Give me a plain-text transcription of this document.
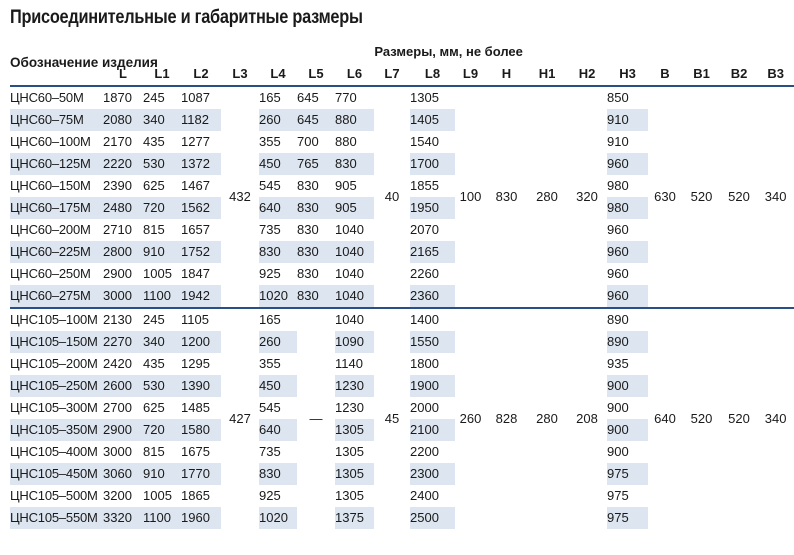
Присоединительные и габаритные размеры
Обозначение изделия	Размеры, мм, не более																	
	L	L1	L2	L3	L4	L5	L6	L7	L8	L9	H	H1	H2	H3	B	B1	B2	B3
ЦНС60–50М	1870	245	1087	432	165	645	770	40	1305	100	830	280	320	850	630	520	520	340
ЦНС60–75М	2080	340	1182		260	645	880		1405					910				
ЦНС60–100М	2170	435	1277		355	700	880		1540					910				
ЦНС60–125М	2220	530	1372		450	765	830		1700					960				
ЦНС60–150М	2390	625	1467		545	830	905		1855					980				
ЦНС60–175М	2480	720	1562		640	830	905		1950					980				
ЦНС60–200М	2710	815	1657		735	830	1040		2070					960				
ЦНС60–225М	2800	910	1752		830	830	1040		2165					960				
ЦНС60–250М	2900	1005	1847		925	830	1040		2260					960				
ЦНС60–275М	3000	1100	1942		1020	830	1040		2360					960				
ЦНС105–100М	2130	245	1105	427	165	—	1040	45	1400	260	828	280	208	890	640	520	520	340
ЦНС105–150М	2270	340	1200		260		1090		1550					890				
ЦНС105–200М	2420	435	1295		355		1140		1800					935				
ЦНС105–250М	2600	530	1390		450		1230		1900					900				
ЦНС105–300М	2700	625	1485		545		1230		2000					900				
ЦНС105–350М	2900	720	1580		640		1305		2100					900				
ЦНС105–400М	3000	815	1675		735		1305		2200					900				
ЦНС105–450М	3060	910	1770		830		1305		2300					975				
ЦНС105–500М	3200	1005	1865		925		1305		2400					975				
ЦНС105–550М	3320	1100	1960		1020		1375		2500					975				
